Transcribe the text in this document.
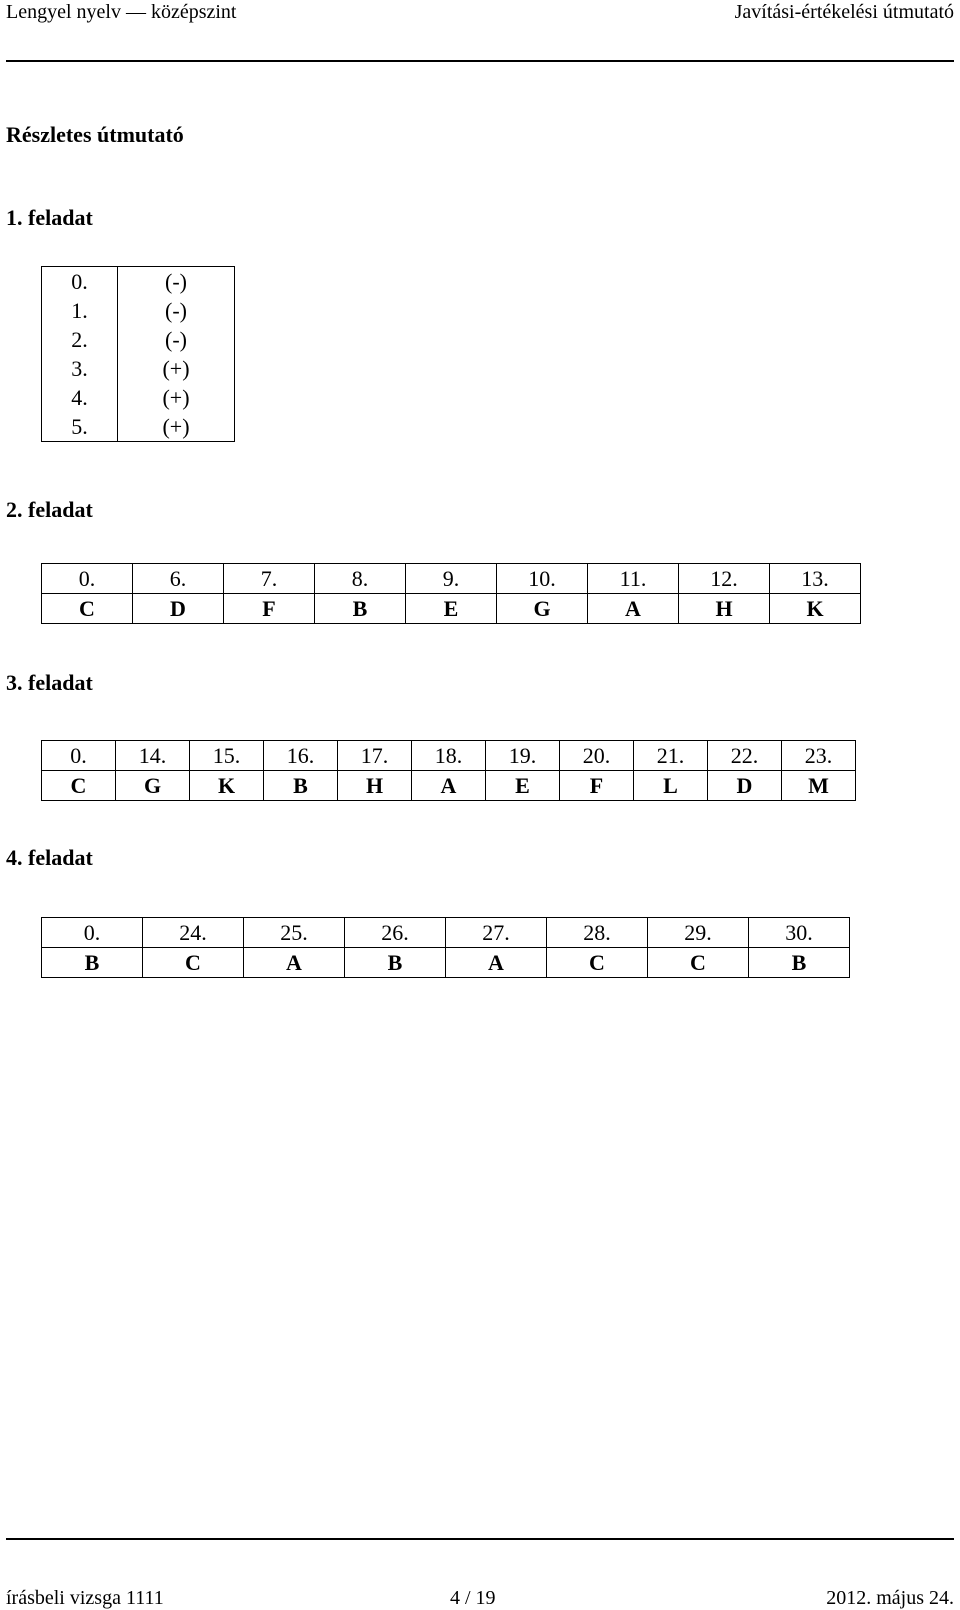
Lengyel nyelv — középszint	Javítási-értékelési útmutató
Részletes útmutató
1. feladat
0.	(-)
1.	(-)
2.	(-)
3.	(+)
4.	(+)
5.	(+)
2. feladat
0.	6.	7.	8.	9.	10.	11.	12.	13.
C	D	F	B	E	G	A	H	K
3. feladat
0.	14.	15.	16.	17.	18.	19.	20.	21.	22.	23.
C	G	K	B	H	A	E	F	L	D	M
4. feladat
0.	24.	25.	26.	27.	28.	29.	30.
B	C	A	B	A	C	C	B
írásbeli vizsga 1111	4 / 19	2012. május 24.
